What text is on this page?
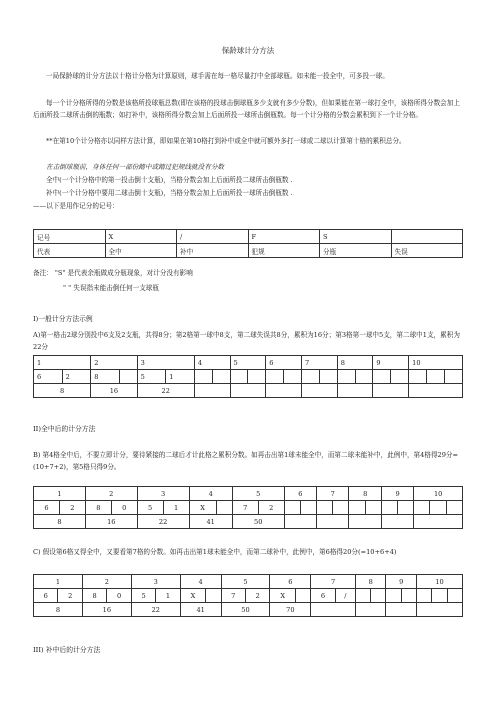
保龄球计分方法
一局保龄球的计分方法以十格计分格为计算原则，球手需在每一格尽量打中全部球瓶。如未能一投全中，可多投一球。
每一个计分格所得的分数是该格所投球瓶总数(即在该格的投球击倒球瓶多少支就有多少分数)，但如果能在第一球打全中，该格所得分数会加上后面所投二球所击倒的瓶数；如打补中，该格所得分数会加上后面所投一球所击倒瓶数。每一个计分格的分数会累积到下一个计分格。
**在第10个计分格亦以同样方法计算，即如果在第10格打到补中或全中就可额外多打一球或二球以计算第十格的累积总分。
在击倒球瓶前，身体任何一部份踏中或踏过犯规线就没有分数
全中(一个计分格中的第一投击倒十支瓶)，当格分数会加上后面所投二球所击倒瓶数 .
补中(一个计分格中要用二球击倒十支瓶)，当格分数会加上后面所投一球所击倒瓶数 .
——以下是用作记分的记号：
记号	X	/	F	S	
代表	全中	补中	犯规	分瓶	失误
备注： "S" 是代表余瓶做成分瓶现象，对计分没有影响
" " 失误指未能击倒任何一支球瓶
I)一般计分方法示例
A)第一格击2球分别投中6支及2支瓶，共得8分；第2格第一球中8支，第二球失误共8分，累积为16分；第3格第一球中5支，第二球中1支，累积为22分
1		2		3		4		5		6		7		8		9		10		
6	2	8		5	1															
8		16		22																
II)全中后的计分方法
B) 第4格全中后，不要立即计分，要待紧接的二球后才计此格之累积分数。如再击出第1球未能全中，而第二球未能补中，此例中，第4格得29分=(10+7+2)，第5格只得9分。
1		2		3		4		5		6		7		8		9		10		
6	2	8	0	5	1	X		7	2											
8		16		22		41		50												
C) 假设第6格又得全中，又要看第7格的分数。如再击出第1球未能全中，而第二球补中，此例中，第6格得20分(=10+6+4)
1		2		3		4		5		6		7		8		9		10		
6	2	8	0	5	1	X		7	2	X		6	/							
8		16		22		41		50		70										
III) 补中后的计分方法
